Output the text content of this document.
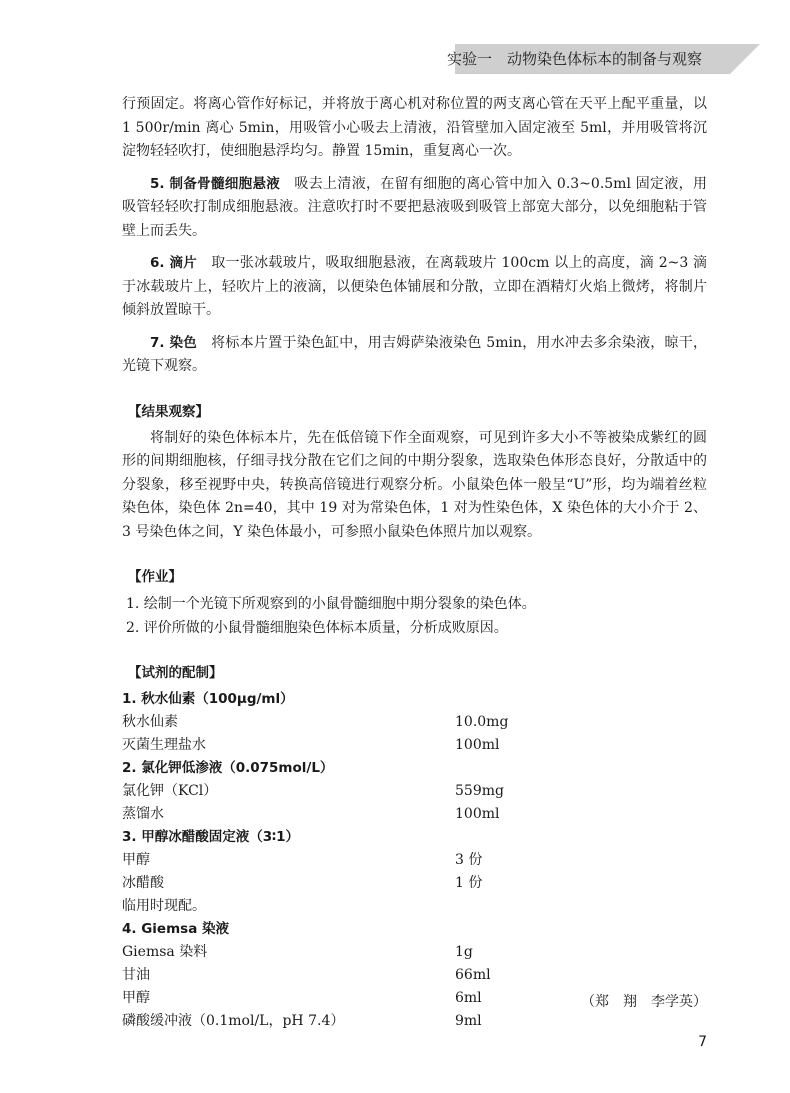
实验一　动物染色体标本的制备与观察

行预固定。将离心管作好标记，并将放于离心机对称位置的两支离心管在天平上配平重量，以 1 500r/min 离心 5min，用吸管小心吸去上清液，沿管壁加入固定液至 5ml，并用吸管将沉淀物轻轻吹打，使细胞悬浮均匀。静置 15min，重复离心一次。

5. 制备骨髓细胞悬液　吸去上清液，在留有细胞的离心管中加入 0.3~0.5ml 固定液，用吸管轻轻吹打制成细胞悬液。注意吹打时不要把悬液吸到吸管上部宽大部分，以免细胞粘于管壁上而丢失。

6. 滴片　取一张冰载玻片，吸取细胞悬液，在离载玻片 100cm 以上的高度，滴 2~3 滴于冰载玻片上，轻吹片上的液滴，以便染色体铺展和分散，立即在酒精灯火焰上微烤，将制片倾斜放置晾干。

7. 染色　将标本片置于染色缸中，用吉姆萨染液染色 5min，用水冲去多余染液，晾干，光镜下观察。

【结果观察】

将制好的染色体标本片，先在低倍镜下作全面观察，可见到许多大小不等被染成紫红的圆形的间期细胞核，仔细寻找分散在它们之间的中期分裂象，选取染色体形态良好，分散适中的分裂象，移至视野中央，转换高倍镜进行观察分析。小鼠染色体一般呈“U”形，均为端着丝粒染色体，染色体 2n=40，其中 19 对为常染色体，1 对为性染色体，X 染色体的大小介于 2、3 号染色体之间，Y 染色体最小，可参照小鼠染色体照片加以观察。

【作业】

1. 绘制一个光镜下所观察到的小鼠骨髓细胞中期分裂象的染色体。

2. 评价所做的小鼠骨髓细胞染色体标本质量，分析成败原因。

【试剂的配制】
1. 秋水仙素（100μg/ml）
秋水仙素	10.0mg
灭菌生理盐水	100ml
2. 氯化钾低渗液（0.075mol/L）
氯化钾（KCl）	559mg
蒸馏水	100ml
3. 甲醇冰醋酸固定液（3∶1）
甲醇	3 份
冰醋酸	1 份

临用时现配。

4. Giemsa 染液
Giemsa 染料	1g
甘油	66ml
甲醇	6ml
磷酸缓冲液（0.1mol/L，pH 7.4）	9ml
（郑　翔　李学英）
7
